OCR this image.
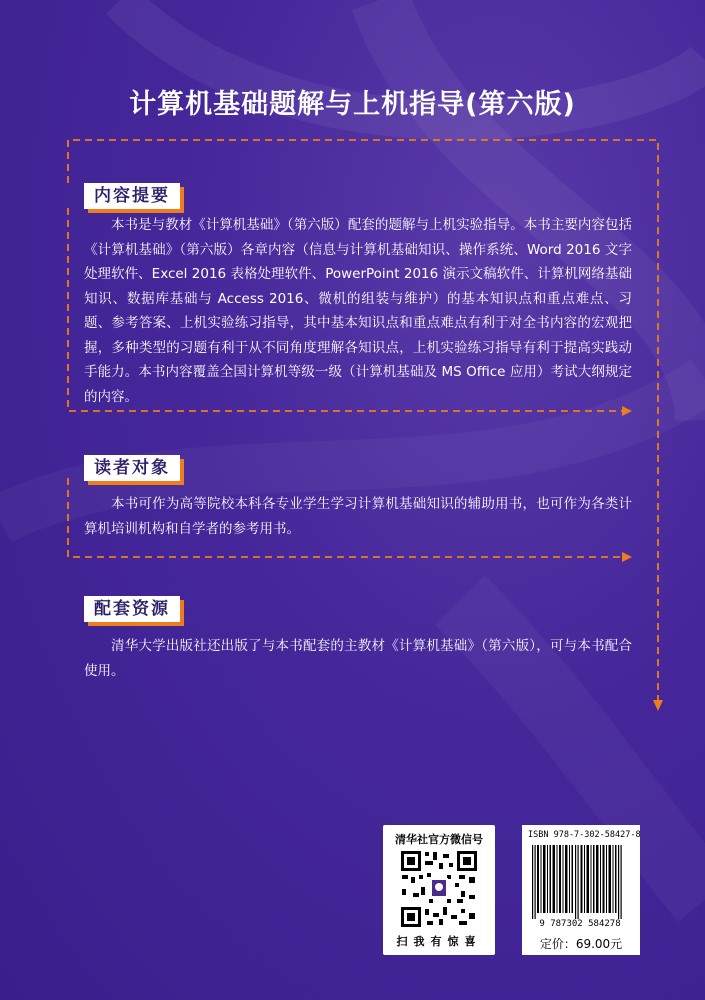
计算机基础题解与上机指导(第六版)
内容提要
本书是与教材《计算机基础》（第六版）配套的题解与上机实验指导。本书主要内容包括《计算机基础》（第六版）各章内容（信息与计算机基础知识、操作系统、Word 2016 文字处理软件、Excel 2016 表格处理软件、PowerPoint 2016 演示文稿软件、计算机网络基础知识、数据库基础与 Access 2016、微机的组装与维护）的基本知识点和重点难点、习题、参考答案、上机实验练习指导，其中基本知识点和重点难点有利于对全书内容的宏观把握，多种类型的习题有利于从不同角度理解各知识点，上机实验练习指导有利于提高实践动手能力。本书内容覆盖全国计算机等级一级（计算机基础及 MS Office 应用）考试大纲规定的内容。
读者对象
本书可作为高等院校本科各专业学生学习计算机基础知识的辅助用书，也可作为各类计算机培训机构和自学者的参考用书。
配套资源
清华大学出版社还出版了与本书配套的主教材《计算机基础》（第六版），可与本书配合使用。
清华社官方微信号
扫我有惊喜
ISBN 978-7-302-58427-8
9 787302 584278
定价：69.00元
